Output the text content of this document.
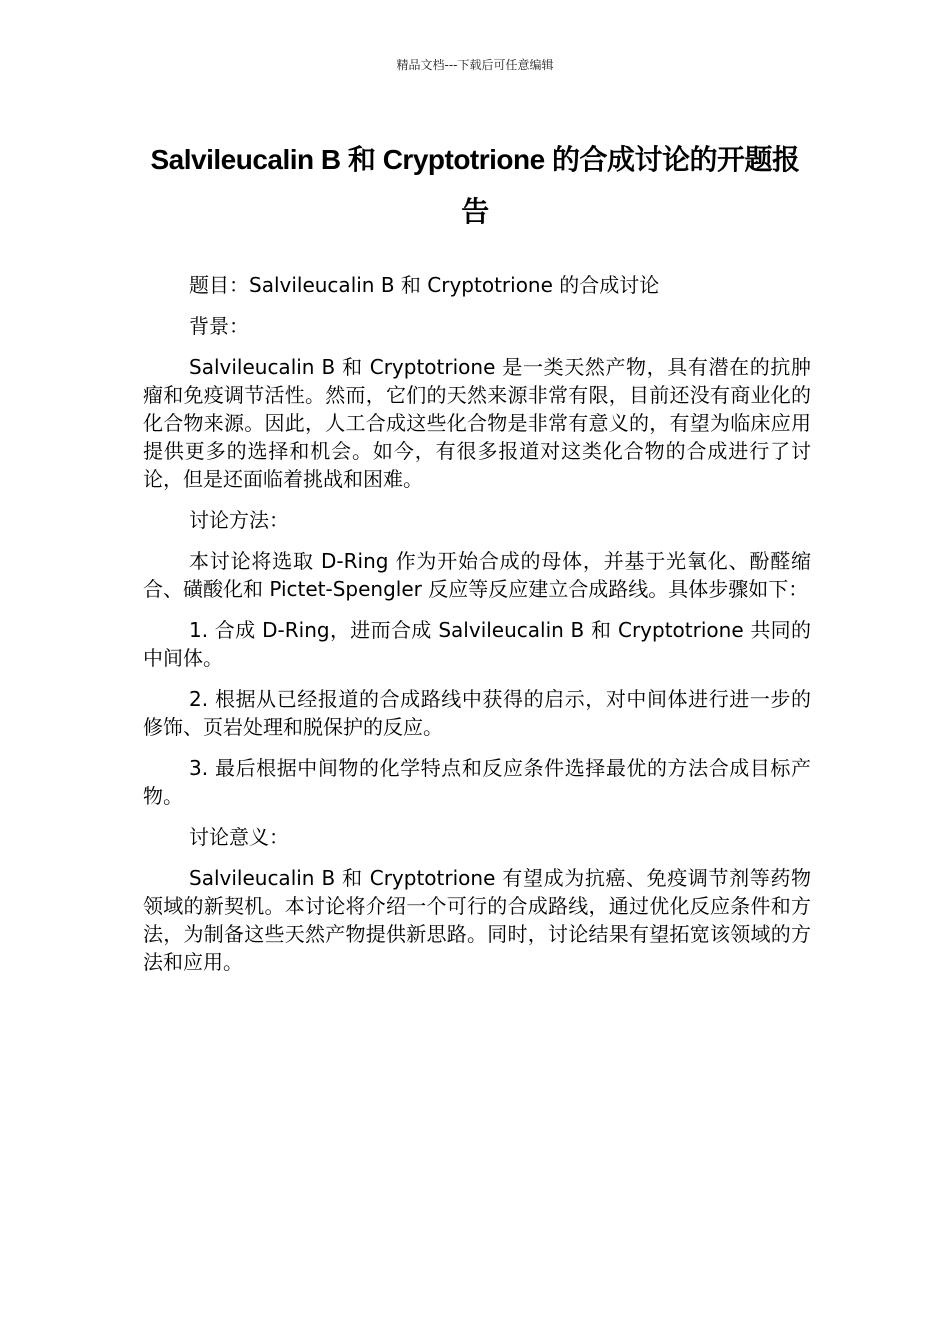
精品文档---下载后可任意编辑
Salvileucalin B 和 Cryptotrione 的合成讨论的开题报告

题目：Salvileucalin B 和 Cryptotrione 的合成讨论

背景：

Salvileucalin B 和 Cryptotrione 是一类天然产物，具有潜在的抗肿瘤和免疫调节活性。然而，它们的天然来源非常有限，目前还没有商业化的化合物来源。因此，人工合成这些化合物是非常有意义的，有望为临床应用提供更多的选择和机会。如今，有很多报道对这类化合物的合成进行了讨论，但是还面临着挑战和困难。

讨论方法：

本讨论将选取 D-Ring 作为开始合成的母体，并基于光氧化、酚醛缩合、磺酸化和 Pictet-Spengler 反应等反应建立合成路线。具体步骤如下：

1. 合成 D-Ring，进而合成 Salvileucalin B 和 Cryptotrione 共同的中间体。

2. 根据从已经报道的合成路线中获得的启示，对中间体进行进一步的修饰、页岩处理和脱保护的反应。

3. 最后根据中间物的化学特点和反应条件选择最优的方法合成目标产物。

讨论意义：

Salvileucalin B 和 Cryptotrione 有望成为抗癌、免疫调节剂等药物领域的新契机。本讨论将介绍一个可行的合成路线，通过优化反应条件和方法，为制备这些天然产物提供新思路。同时，讨论结果有望拓宽该领域的方法和应用。
